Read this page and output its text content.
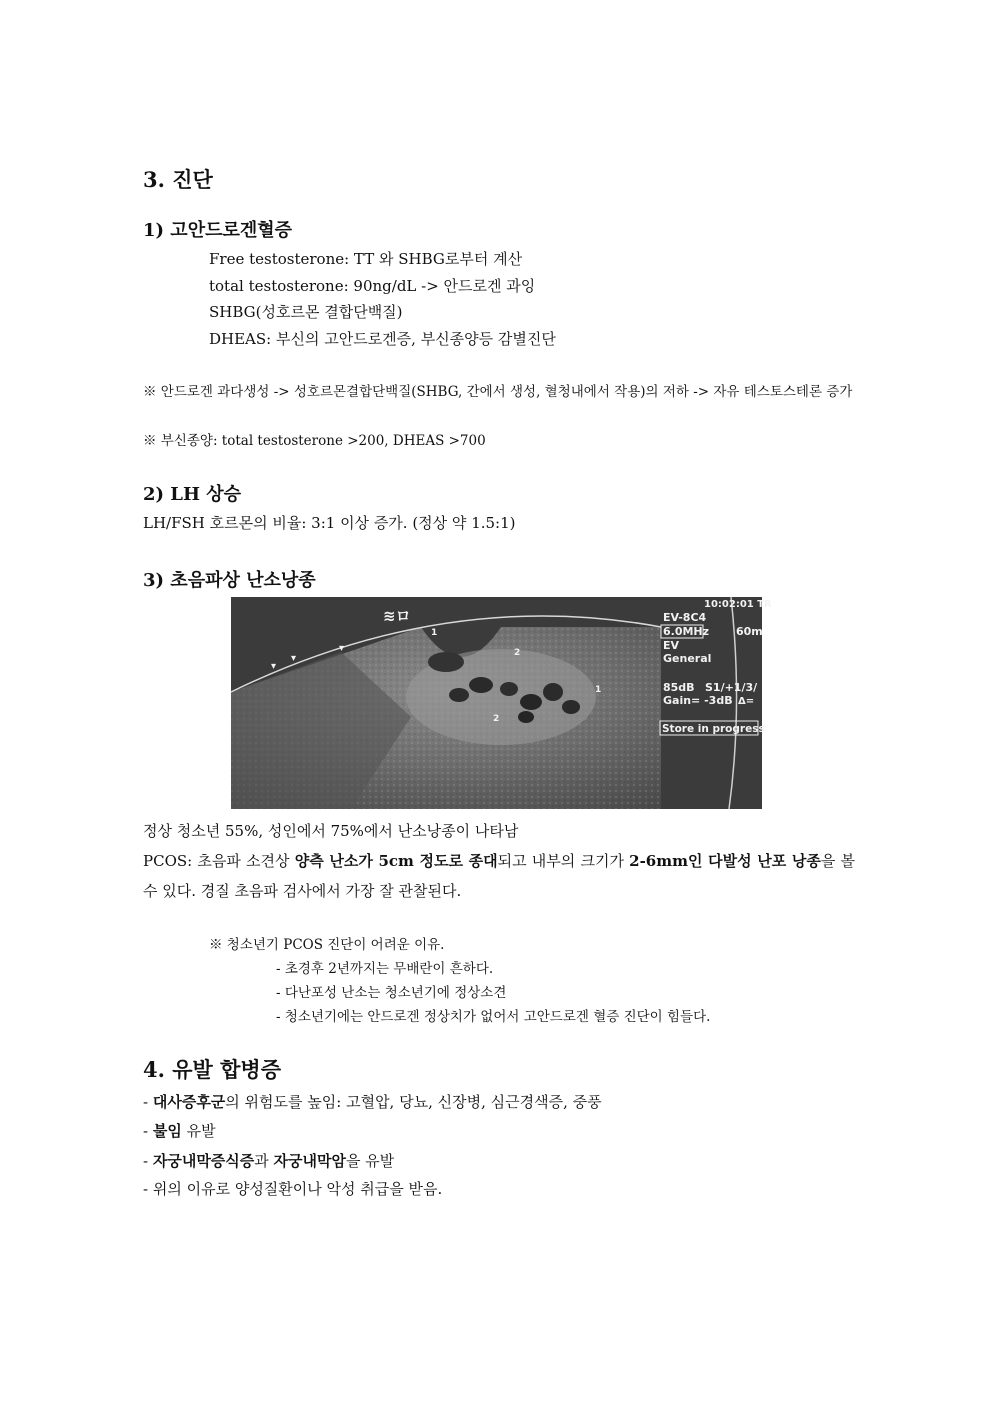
3. 진단
1) 고안드로겐혈증
Free testosterone: TT 와 SHBG로부터 계산
total testosterone: 90ng/dL -> 안드로겐 과잉
SHBG(성호르몬 결합단백질)
DHEAS: 부신의 고안드로겐증, 부신종양등 감별진단
※ 안드로겐 과다생성 -> 성호르몬결합단백질(SHBG, 간에서 생성, 혈청내에서 작용)의 저하 -> 자유 테스토스테론 증가
※ 부신종양: total testosterone >200, DHEAS >700
2) LH 상승
LH/FSH 호르몬의 비율: 3:1 이상 증가. (정상 약 1.5:1)
3) 초음파상 난소낭종
▾
▾
▾
1
2
2
1
≋ロ
10:02:01 TR
EV-8C4
6.0MHz 60m
EV
General
85dB S1/+1/3/
Gain= -3dB Δ=
Store in progress
정상 청소년 55%, 성인에서 75%에서 난소낭종이 나타남
PCOS: 초음파 소견상 양측 난소가 5cm 정도로 종대되고 내부의 크기가 2-6mm인 다발성 난포 낭종을 볼수 있다. 경질 초음파 검사에서 가장 잘 관찰된다.
※ 청소년기 PCOS 진단이 어려운 이유.
- 초경후 2년까지는 무배란이 흔하다.
- 다난포성 난소는 청소년기에 정상소견
- 청소년기에는 안드로겐 정상치가 없어서 고안드로겐 혈증 진단이 힘들다.
4. 유발 합병증
- 대사증후군의 위험도를 높임: 고혈압, 당뇨, 신장병, 심근경색증, 중풍
- 불임 유발
- 자궁내막증식증과 자궁내막암을 유발
- 위의 이유로 양성질환이나 악성 취급을 받음.
